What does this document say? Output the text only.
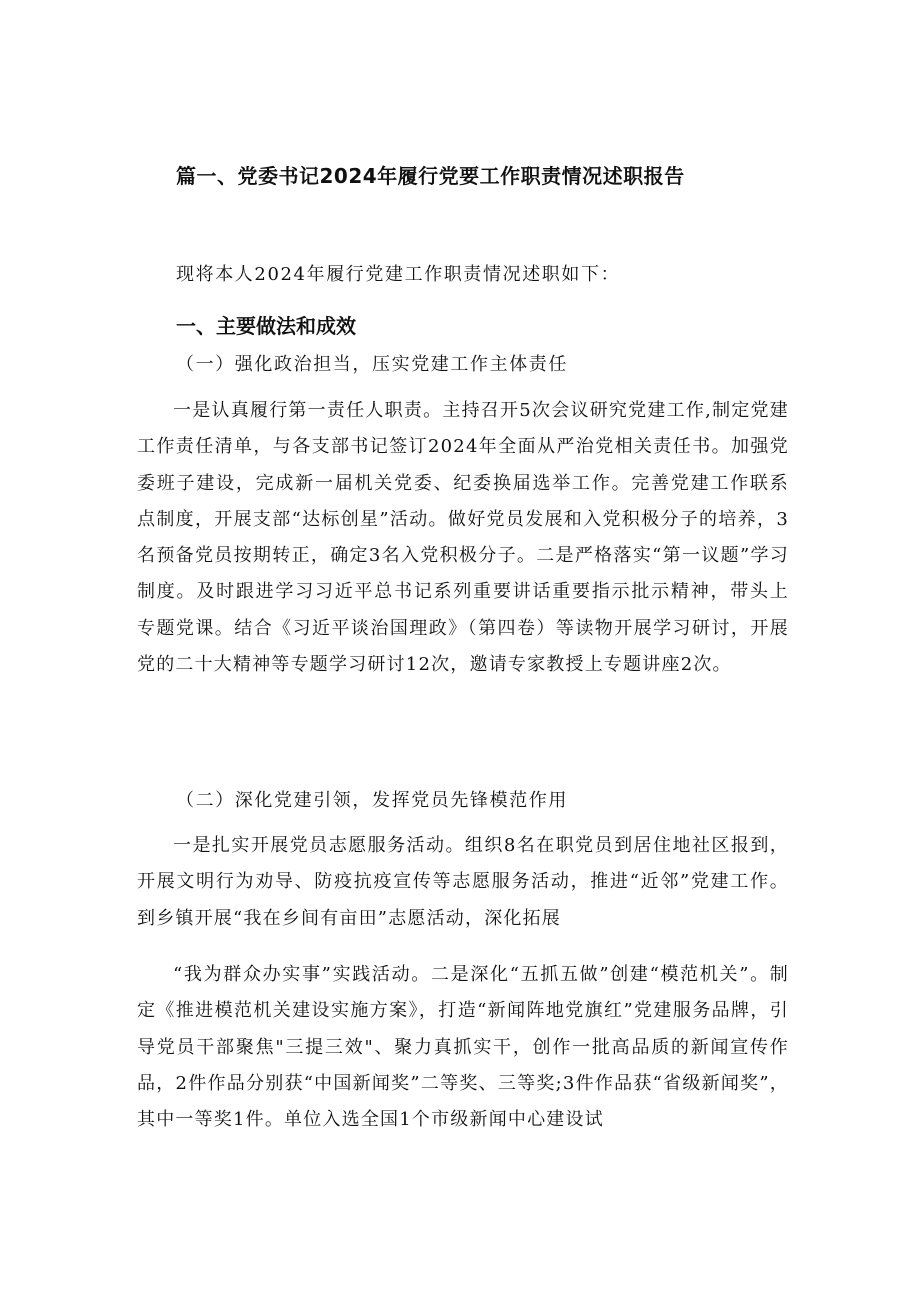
篇一、党委书记2024年履行党要工作职责情况述职报告
现将本人2024年履行党建工作职责情况述职如下：
一、主要做法和成效
（一）强化政治担当，压实党建工作主体责任
一是认真履行第一责任人职责。主持召开5次会议研究党建工作,制定党建工作责任清单，与各支部书记签订2024年全面从严治党相关责任书。加强党委班子建设，完成新一届机关党委、纪委换届选举工作。完善党建工作联系点制度，开展支部“达标创星”活动。做好党员发展和入党积极分子的培养，3名预备党员按期转正，确定3名入党积极分子。二是严格落实“第一议题”学习制度。及时跟进学习习近平总书记系列重要讲话重要指示批示精神，带头上专题党课。结合《习近平谈治国理政》（第四卷）等读物开展学习研讨，开展党的二十大精神等专题学习研讨12次，邀请专家教授上专题讲座2次。
（二）深化党建引领，发挥党员先锋模范作用
一是扎实开展党员志愿服务活动。组织8名在职党员到居住地社区报到，开展文明行为劝导、防疫抗疫宣传等志愿服务活动，推进“近邻”党建工作。到乡镇开展“我在乡间有亩田”志愿活动，深化拓展
“我为群众办实事”实践活动。二是深化“五抓五做”创建“模范机关”。制定《推进模范机关建设实施方案》，打造“新闻阵地党旗红”党建服务品牌，引导党员干部聚焦"三提三效"、聚力真抓实干，创作一批高品质的新闻宣传作品，2件作品分别获“中国新闻奖”二等奖、三等奖;3件作品获“省级新闻奖”，其中一等奖1件。单位入选全国1个市级新闻中心建设试
